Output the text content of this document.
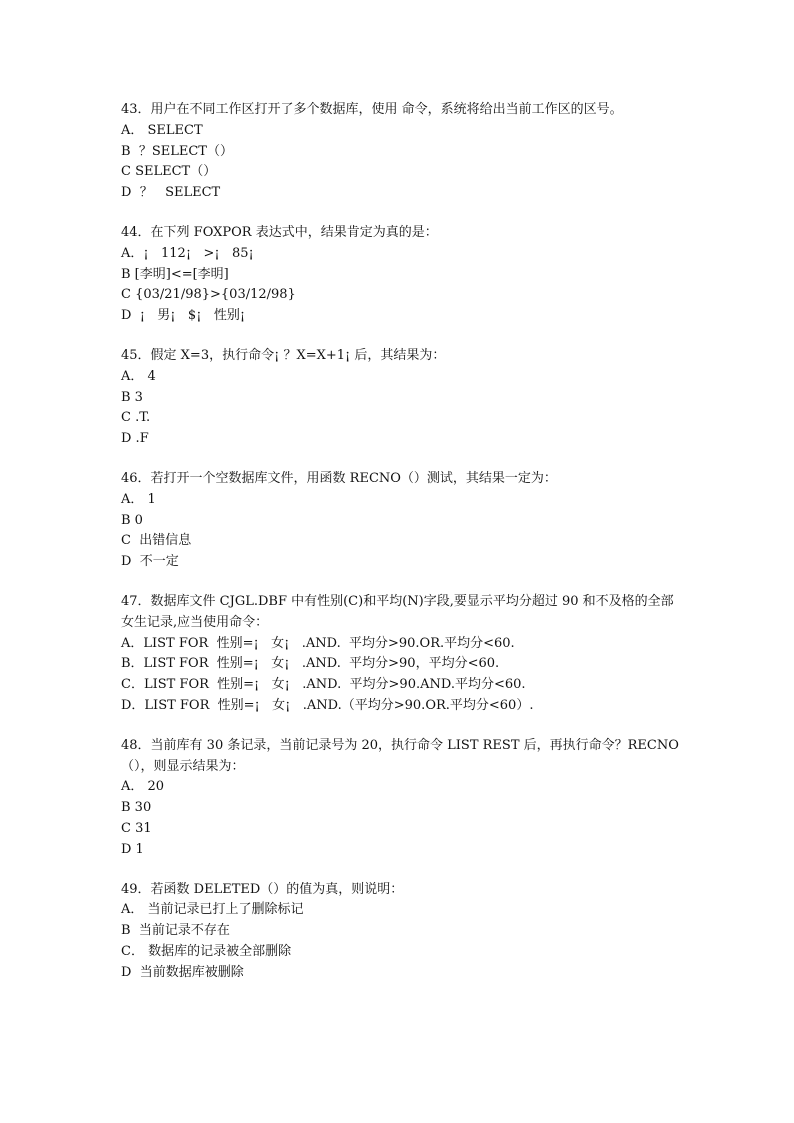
43．用户在不同工作区打开了多个数据库，使用 命令，系统将给出当前工作区的区号。
A． SELECT
B  ？SELECT（）
C SELECT（）
D  ？   SELECT
44．在下列 FOXPOR 表达式中，结果肯定为真的是：
A．¡   112¡   >¡   85¡
B [李明]<=[李明]
C {03/21/98}>{03/12/98}
D  ¡   男¡   $¡   性别¡
45．假定 X=3，执行命令¡ ？X=X+1¡ 后，其结果为：
A． 4
B 3
C .T.
D .F
46．若打开一个空数据库文件，用函数 RECNO（）测试，其结果一定为：
A． 1
B 0
C  出错信息
D  不一定
47．数据库文件 CJGL.DBF 中有性别(C)和平均(N)字段,要显示平均分超过 90 和不及格的全部女生记录,应当使用命令：
A．LIST FOR  性别=¡   女¡   .AND.  平均分>90.OR.平均分<60.
B．LIST FOR  性别=¡   女¡   .AND.  平均分>90，平均分<60.
C．LIST FOR  性别=¡   女¡   .AND.  平均分>90.AND.平均分<60.
D．LIST FOR  性别=¡   女¡   .AND.（平均分>90.OR.平均分<60）.
48．当前库有 30 条记录，当前记录号为 20，执行命令 LIST REST 后，再执行命令？RECNO（），则显示结果为：
A． 20
B 30
C 31
D 1
49．若函数 DELETED（）的值为真，则说明：
A． 当前记录已打上了删除标记
B  当前记录不存在
C． 数据库的记录被全部删除
D  当前数据库被删除
